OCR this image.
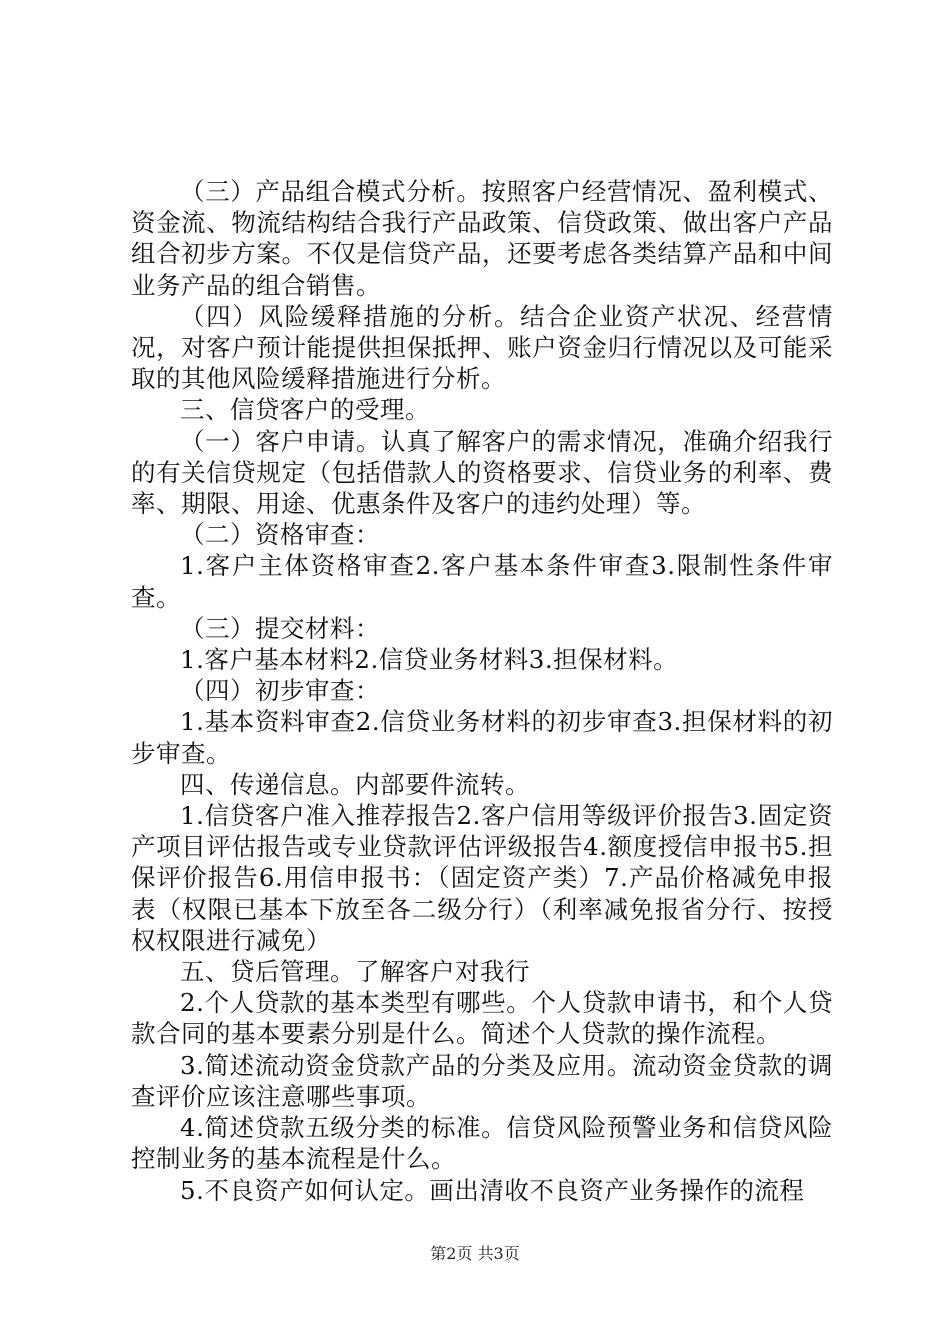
（三）产品组合模式分析。按照客户经营情况、盈利模式、资金流、物流结构结合我行产品政策、信贷政策、做出客户产品组合初步方案。不仅是信贷产品，还要考虑各类结算产品和中间业务产品的组合销售。

（四）风险缓释措施的分析。结合企业资产状况、经营情况，对客户预计能提供担保抵押、账户资金归行情况以及可能采取的其他风险缓释措施进行分析。

三、信贷客户的受理。

（一）客户申请。认真了解客户的需求情况，准确介绍我行的有关信贷规定（包括借款人的资格要求、信贷业务的利率、费率、期限、用途、优惠条件及客户的违约处理）等。

（二）资格审查：

1.客户主体资格审查2.客户基本条件审查3.限制性条件审查。

（三）提交材料：

1.客户基本材料2.信贷业务材料3.担保材料。

（四）初步审查：

1.基本资料审查2.信贷业务材料的初步审查3.担保材料的初步审查。

四、传递信息。内部要件流转。

1.信贷客户准入推荐报告2.客户信用等级评价报告3.固定资产项目评估报告或专业贷款评估评级报告4.额度授信申报书5.担保评价报告6.用信申报书：（固定资产类）7.产品价格减免申报表（权限已基本下放至各二级分行）（利率减免报省分行、按授权权限进行减免）

五、贷后管理。了解客户对我行

2.个人贷款的基本类型有哪些。个人贷款申请书，和个人贷款合同的基本要素分别是什么。简述个人贷款的操作流程。

3.简述流动资金贷款产品的分类及应用。流动资金贷款的调查评价应该注意哪些事项。

4.简述贷款五级分类的标准。信贷风险预警业务和信贷风险控制业务的基本流程是什么。

5.不良资产如何认定。画出清收不良资产业务操作的流程

第2页 共3页
